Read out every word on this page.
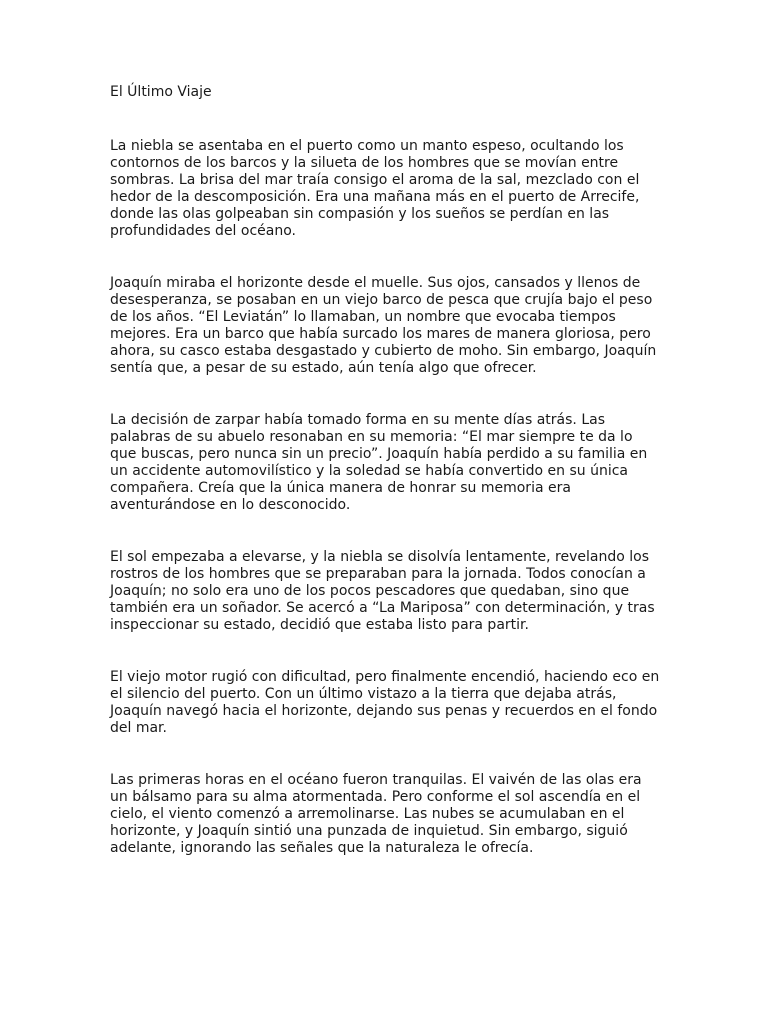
El Último Viaje

La niebla se asentaba en el puerto como un manto espeso, ocultando los contornos de los barcos y la silueta de los hombres que se movían entre sombras. La brisa del mar traía consigo el aroma de la sal, mezclado con el hedor de la descomposición. Era una mañana más en el puerto de Arrecife, donde las olas golpeaban sin compasión y los sueños se perdían en las profundidades del océano.

Joaquín miraba el horizonte desde el muelle. Sus ojos, cansados y llenos de desesperanza, se posaban en un viejo barco de pesca que crujía bajo el peso de los años. “El Leviatán” lo llamaban, un nombre que evocaba tiempos mejores. Era un barco que había surcado los mares de manera gloriosa, pero ahora, su casco estaba desgastado y cubierto de moho. Sin embargo, Joaquín sentía que, a pesar de su estado, aún tenía algo que ofrecer.

La decisión de zarpar había tomado forma en su mente días atrás. Las palabras de su abuelo resonaban en su memoria: “El mar siempre te da lo que buscas, pero nunca sin un precio”. Joaquín había perdido a su familia en un accidente automovilístico y la soledad se había convertido en su única compañera. Creía que la única manera de honrar su memoria era aventurándose en lo desconocido.

El sol empezaba a elevarse, y la niebla se disolvía lentamente, revelando los rostros de los hombres que se preparaban para la jornada. Todos conocían a Joaquín; no solo era uno de los pocos pescadores que quedaban, sino que también era un soñador. Se acercó a “La Mariposa” con determinación, y tras inspeccionar su estado, decidió que estaba listo para partir.

El viejo motor rugió con dificultad, pero finalmente encendió, haciendo eco en el silencio del puerto. Con un último vistazo a la tierra que dejaba atrás, Joaquín navegó hacia el horizonte, dejando sus penas y recuerdos en el fondo del mar.

Las primeras horas en el océano fueron tranquilas. El vaivén de las olas era un bálsamo para su alma atormentada. Pero conforme el sol ascendía en el cielo, el viento comenzó a arremolinarse. Las nubes se acumulaban en el horizonte, y Joaquín sintió una punzada de inquietud. Sin embargo, siguió adelante, ignorando las señales que la naturaleza le ofrecía.
